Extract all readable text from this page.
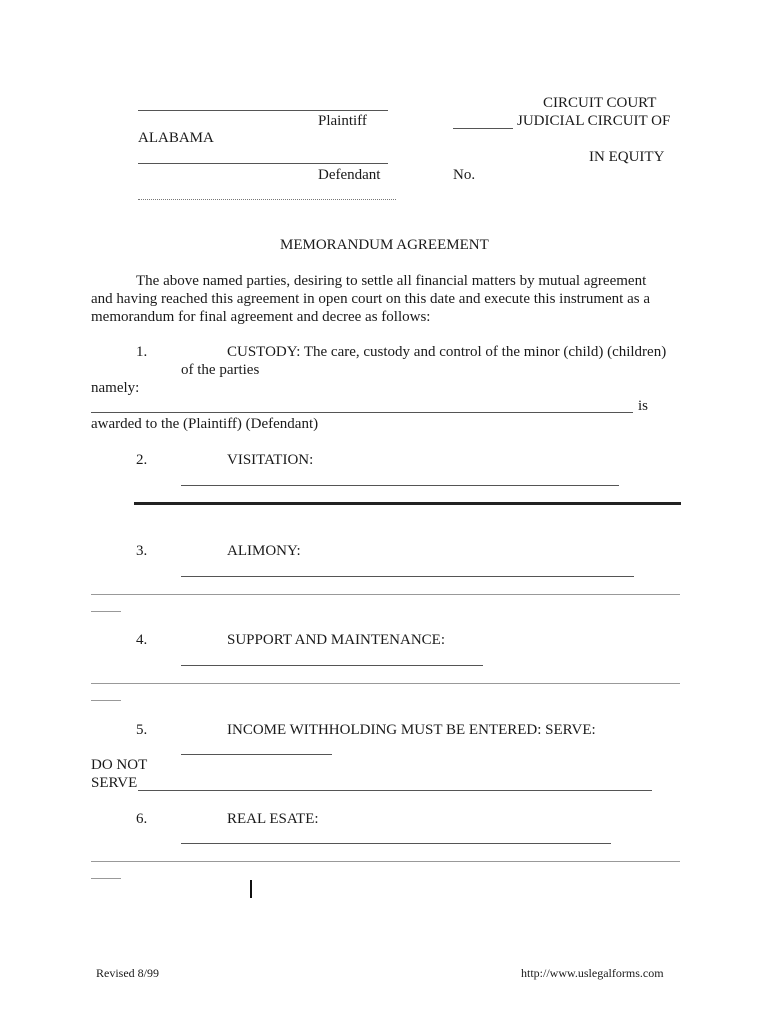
Plaintiff
ALABAMA
Defendant
CIRCUIT COURT
JUDICIAL CIRCUIT OF
IN EQUITY
No.
MEMORANDUM AGREEMENT
The above named parties, desiring to settle all financial matters by mutual agreement
and having reached this agreement in open court on this date and execute this instrument as a
memorandum for final agreement and decree as follows:
1.	CUSTODY: The care, custody and control of the minor (child) (children)
of the parties
namely:
is
awarded to the (Plaintiff) (Defendant)
2.	VISITATION:
3.	ALIMONY:
4.	SUPPORT AND MAINTENANCE:
5.	INCOME WITHHOLDING MUST BE ENTERED: SERVE:
DO NOT
SERVE
6.	REAL ESATE:
Revised 8/99	http://www.uslegalforms.com
